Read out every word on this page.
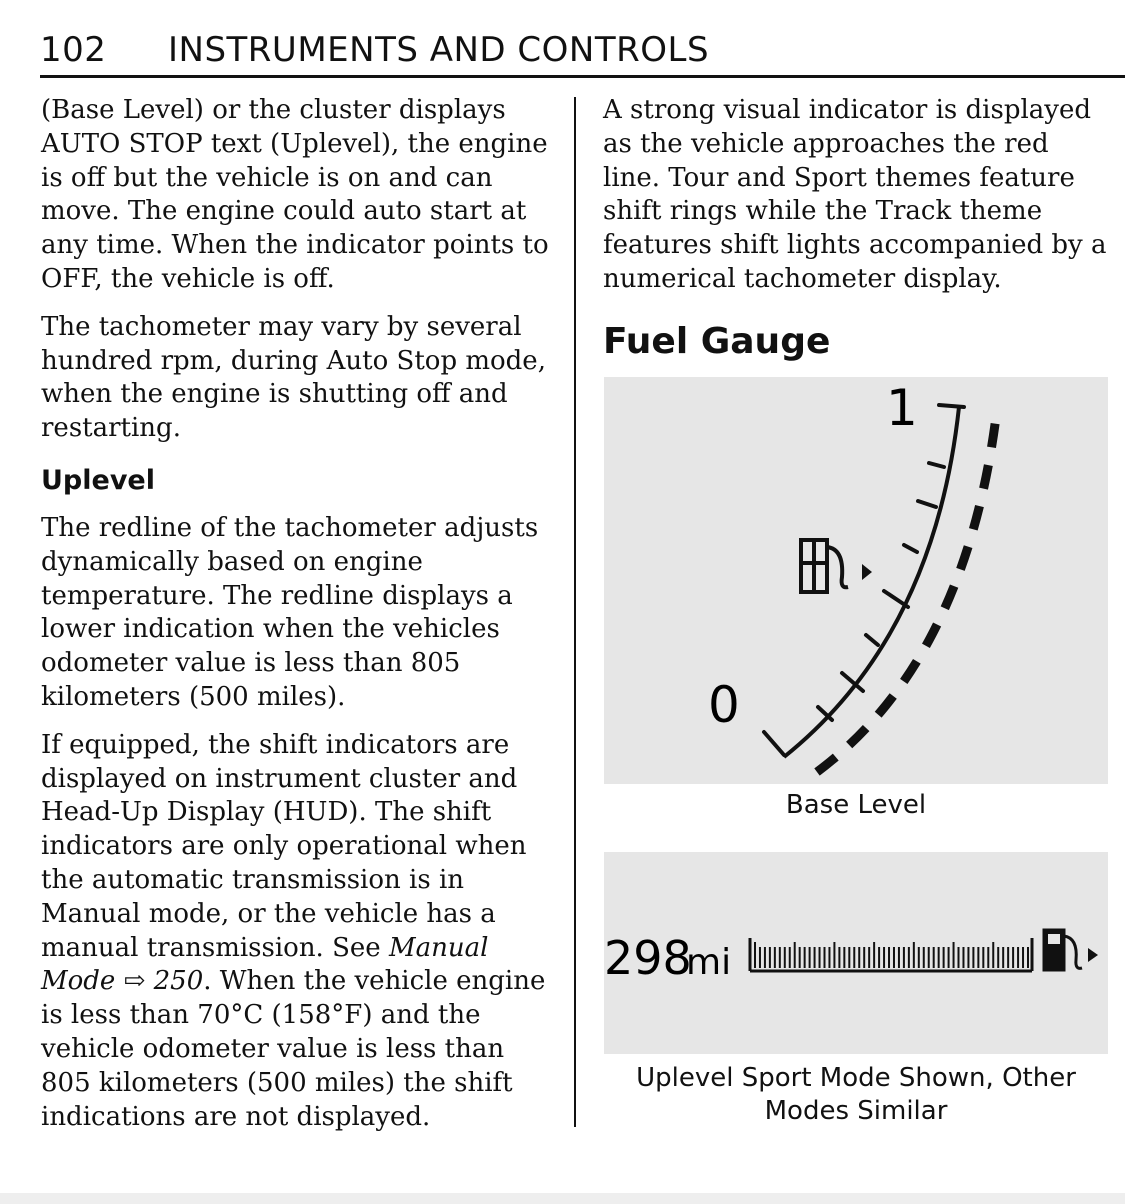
102 INSTRUMENTS AND CONTROLS

(Base Level) or the cluster displays AUTO STOP text (Uplevel), the engine is off but the vehicle is on and can move. The engine could auto start at any time. When the indicator points to OFF, the vehicle is off.

The tachometer may vary by several hundred rpm, during Auto Stop mode, when the engine is shutting off and restarting.

Uplevel

The redline of the tachometer adjusts dynamically based on engine temperature. The redline displays a lower indication when the vehicles odometer value is less than 805 kilometers (500 miles).

If equipped, the shift indicators are displayed on instrument cluster and Head-Up Display (HUD). The shift indicators are only operational when the automatic transmission is in Manual mode, or the vehicle has a manual transmission. See Manual Mode ⇨ 250. When the vehicle engine is less than 70°C (158°F) and the vehicle odometer value is less than 805 kilometers (500 miles) the shift indications are not displayed.

A strong visual indicator is displayed as the vehicle approaches the red line. Tour and Sport themes feature shift rings while the Track theme features shift lights accompanied by a numerical tachometer display.

Fuel Gauge
1
0
Base Level
298
mi
Uplevel Sport Mode Shown, Other Modes Similar
